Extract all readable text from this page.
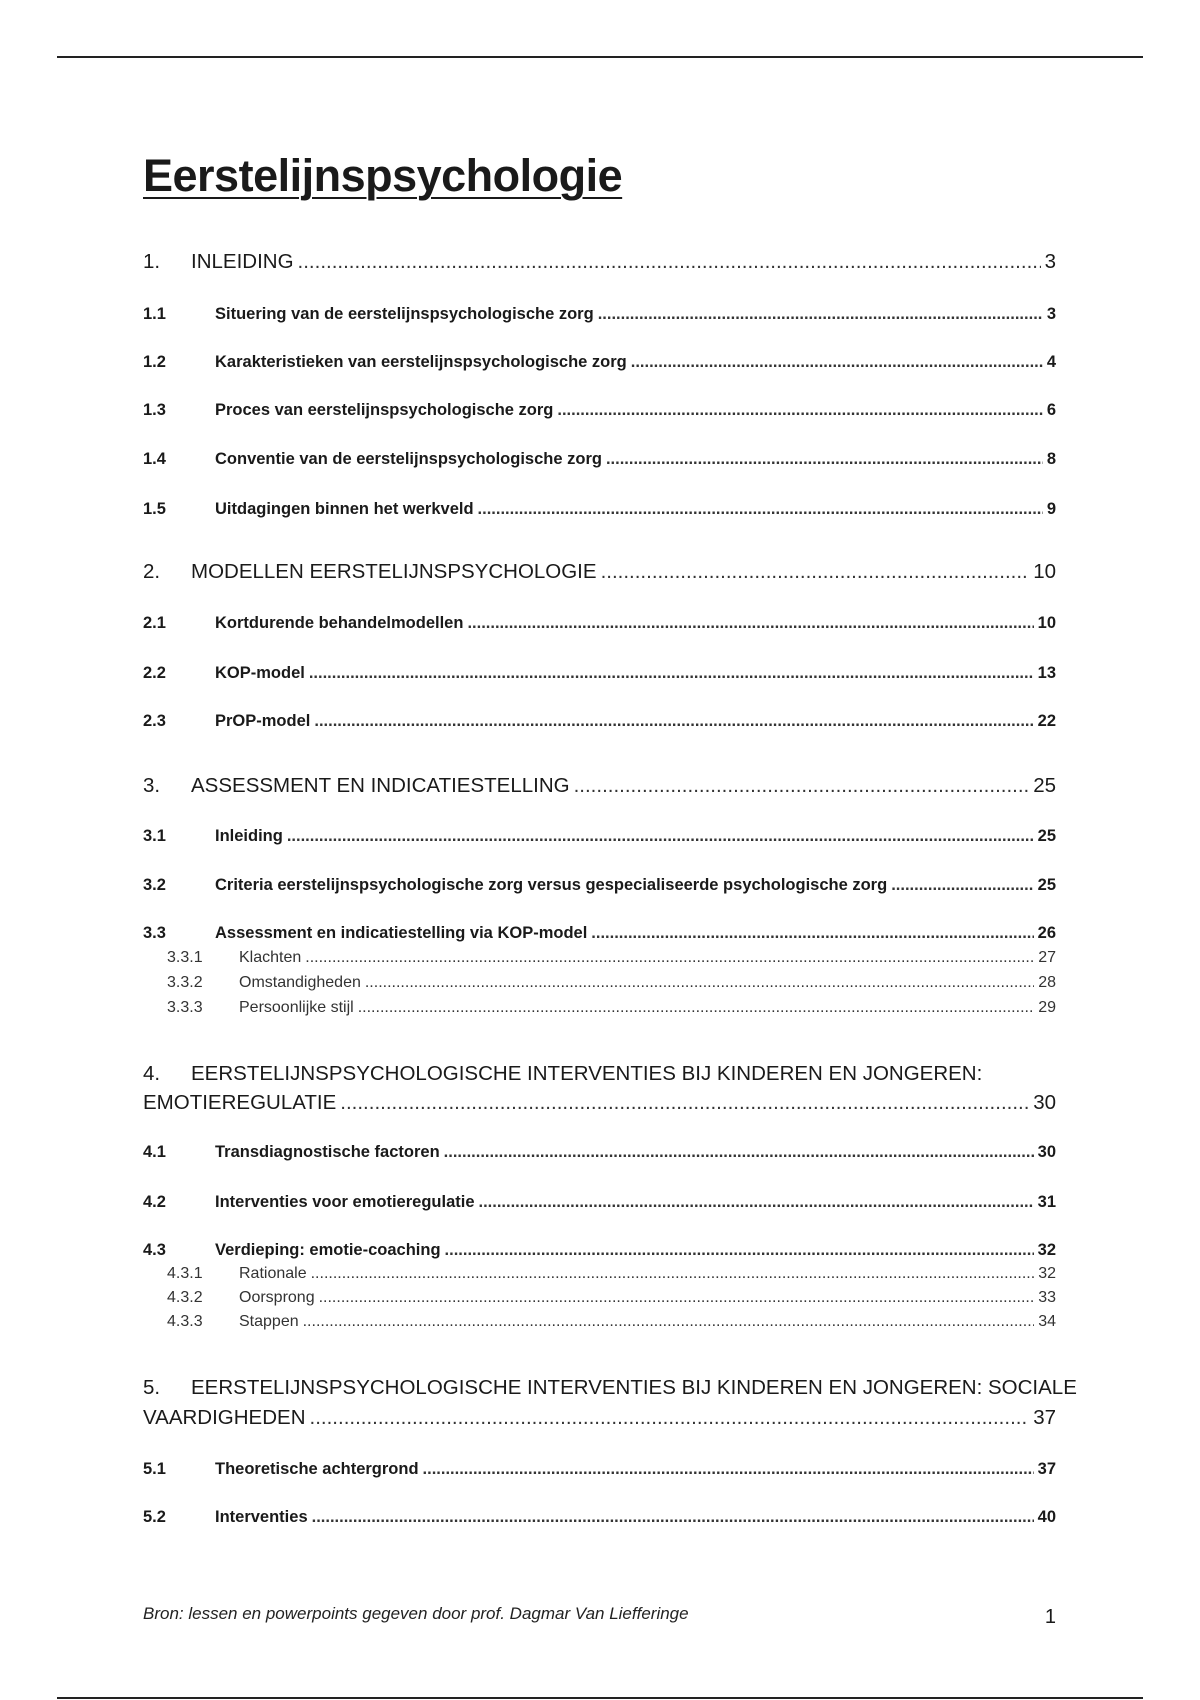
Eerstelijnspsychologie
1.	INLEIDING .....	3
1.1	Situering van de eerstelijnspsychologische zorg .....	3
1.2	Karakteristieken van eerstelijnspsychologische zorg .....	4
1.3	Proces van eerstelijnspsychologische zorg .....	6
1.4	Conventie van de eerstelijnspsychologische zorg .....	8
1.5	Uitdagingen binnen het werkveld .....	9
2.	MODELLEN EERSTELIJNSPSYCHOLOGIE .....	10
2.1	Kortdurende behandelmodellen .....	10
2.2	KOP-model .....	13
2.3	PrOP-model .....	22
3.	ASSESSMENT EN INDICATIESTELLING .....	25
3.1	Inleiding .....	25
3.2	Criteria eerstelijnspsychologische zorg versus gespecialiseerde psychologische zorg .....	25
3.3	Assessment en indicatiestelling via KOP-model .....	26
3.3.1	Klachten .....	27
3.3.2	Omstandigheden .....	28
3.3.3	Persoonlijke stijl .....	29
4. EERSTELIJNSPSYCHOLOGISCHE INTERVENTIES BIJ KINDEREN EN JONGEREN:
EMOTIEREGULATIE .....	30
4.1	Transdiagnostische factoren .....	30
4.2	Interventies voor emotieregulatie .....	31
4.3	Verdieping: emotie-coaching .....	32
4.3.1	Rationale .....	32
4.3.2	Oorsprong .....	33
4.3.3	Stappen .....	34
5. EERSTELIJNSPSYCHOLOGISCHE INTERVENTIES BIJ KINDEREN EN JONGEREN: SOCIALE
VAARDIGHEDEN .....	37
5.1	Theoretische achtergrond .....	37
5.2	Interventies .....	40
Bron: lessen en powerpoints gegeven door prof. Dagmar Van Liefferinge	1
